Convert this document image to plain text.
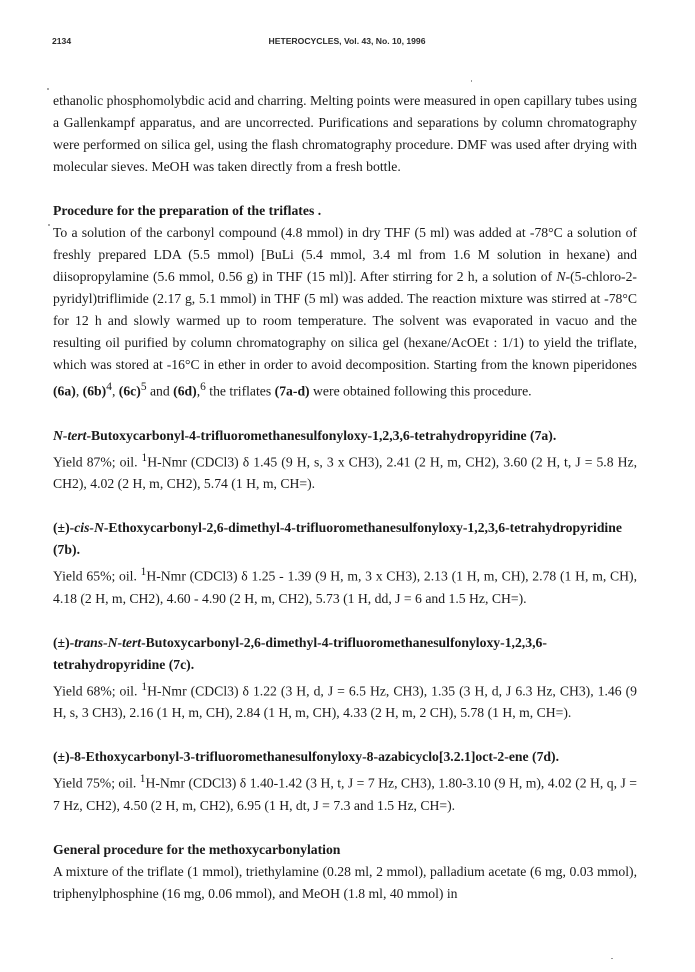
2134	HETEROCYCLES, Vol. 43, No. 10, 1996

ethanolic phosphomolybdic acid and charring. Melting points were measured in open capillary tubes using a Gallenkampf apparatus, and are uncorrected. Purifications and separations by column chromatography were performed on silica gel, using the flash chromatography procedure. DMF was used after drying with molecular sieves. MeOH was taken directly from a fresh bottle.

Procedure for the preparation of the triflates .

To a solution of the carbonyl compound (4.8 mmol) in dry THF (5 ml) was added at -78°C a solution of freshly prepared LDA (5.5 mmol) [BuLi (5.4 mmol, 3.4 ml from 1.6 M solution in hexane) and diisopropylamine (5.6 mmol, 0.56 g) in THF (15 ml)]. After stirring for 2 h, a solution of N-(5-chloro-2-pyridyl)triflimide (2.17 g, 5.1 mmol) in THF (5 ml) was added. The reaction mixture was stirred at -78°C for 12 h and slowly warmed up to room temperature. The solvent was evaporated in vacuo and the resulting oil purified by column chromatography on silica gel (hexane/AcOEt : 1/1) to yield the triflate, which was stored at -16°C in ether in order to avoid decomposition. Starting from the known piperidones (6a), $(6b)^4$, $(6c)^5$ and (6d),$^6$ the triflates (7a-d) were obtained following this procedure.

N-tert-Butoxycarbonyl-4-trifluoromethanesulfonyloxy-1,2,3,6-tetrahydropyridine (7a).

Yield 87%; oil. $^1$H-Nmr (CDCl3) δ 1.45 (9 H, s, 3 x CH3), 2.41 (2 H, m, CH2), 3.60 (2 H, t, J = 5.8 Hz, CH2), 4.02 (2 H, m, CH2), 5.74 (1 H, m, CH=).

(±)-cis-N-Ethoxycarbonyl-2,6-dimethyl-4-trifluoromethanesulfonyloxy-1,2,3,6-tetrahydropyridine (7b).

Yield 65%; oil. $^1$H-Nmr (CDCl3) δ 1.25 - 1.39 (9 H, m, 3 x CH3), 2.13 (1 H, m, CH), 2.78 (1 H, m, CH), 4.18 (2 H, m, CH2), 4.60 - 4.90 (2 H, m, CH2), 5.73 (1 H, dd, J = 6 and 1.5 Hz, CH=).

(±)-trans-N-tert-Butoxycarbonyl-2,6-dimethyl-4-trifluoromethanesulfonyloxy-1,2,3,6-tetrahydropyridine (7c).

Yield 68%; oil. $^1$H-Nmr (CDCl3) δ 1.22 (3 H, d, J = 6.5 Hz, CH3), 1.35 (3 H, d, J 6.3 Hz, CH3), 1.46 (9 H, s, 3 CH3), 2.16 (1 H, m, CH), 2.84 (1 H, m, CH), 4.33 (2 H, m, 2 CH), 5.78 (1 H, m, CH=).

(±)-8-Ethoxycarbonyl-3-trifluoromethanesulfonyloxy-8-azabicyclo[3.2.1]oct-2-ene (7d).

Yield 75%; oil. $^1$H-Nmr (CDCl3) δ 1.40-1.42 (3 H, t, J = 7 Hz, CH3), 1.80-3.10 (9 H, m), 4.02 (2 H, q, J = 7 Hz, CH2), 4.50 (2 H, m, CH2), 6.95 (1 H, dt, J = 7.3 and 1.5 Hz, CH=).

General procedure for the methoxycarbonylation

A mixture of the triflate (1 mmol), triethylamine (0.28 ml, 2 mmol), palladium acetate (6 mg, 0.03 mmol), triphenylphosphine (16 mg, 0.06 mmol), and MeOH (1.8 ml, 40 mmol) in
